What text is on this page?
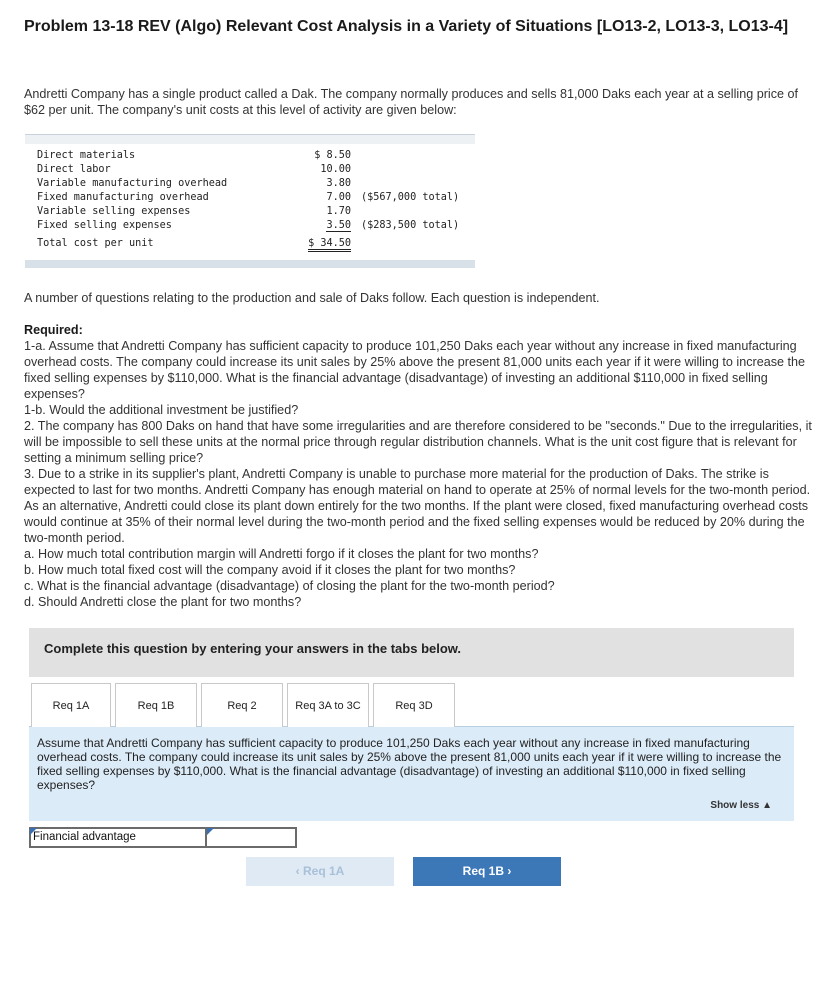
Problem 13-18 REV (Algo) Relevant Cost Analysis in a Variety of Situations [LO13-2, LO13-3, LO13-4]
Andretti Company has a single product called a Dak. The company normally produces and sells 81,000 Daks each year at a selling price of $62 per unit. The company's unit costs at this level of activity are given below:
Direct materials	$ 8.50
Direct labor	10.00
Variable manufacturing overhead	3.80
Fixed manufacturing overhead	7.00 ($567,000 total)
Variable selling expenses	1.70
Fixed selling expenses	3.50 ($283,500 total)
Total cost per unit	$ 34.50
A number of questions relating to the production and sale of Daks follow. Each question is independent.
Required:
1-a. Assume that Andretti Company has sufficient capacity to produce 101,250 Daks each year without any increase in fixed manufacturing overhead costs. The company could increase its unit sales by 25% above the present 81,000 units each year if it were willing to increase the fixed selling expenses by $110,000. What is the financial advantage (disadvantage) of investing an additional $110,000 in fixed selling expenses?
1-b. Would the additional investment be justified?
2. The company has 800 Daks on hand that have some irregularities and are therefore considered to be "seconds." Due to the irregularities, it will be impossible to sell these units at the normal price through regular distribution channels. What is the unit cost figure that is relevant for setting a minimum selling price?
3. Due to a strike in its supplier's plant, Andretti Company is unable to purchase more material for the production of Daks. The strike is expected to last for two months. Andretti Company has enough material on hand to operate at 25% of normal levels for the two-month period. As an alternative, Andretti could close its plant down entirely for the two months. If the plant were closed, fixed manufacturing overhead costs would continue at 35% of their normal level during the two-month period and the fixed selling expenses would be reduced by 20% during the two-month period.
a. How much total contribution margin will Andretti forgo if it closes the plant for two months?
b. How much total fixed cost will the company avoid if it closes the plant for two months?
c. What is the financial advantage (disadvantage) of closing the plant for the two-month period?
d. Should Andretti close the plant for two months?
Complete this question by entering your answers in the tabs below.
Req 1A	Req 1B	Req 2	Req 3A to 3C	Req 3D
Assume that Andretti Company has sufficient capacity to produce 101,250 Daks each year without any increase in fixed manufacturing overhead costs. The company could increase its unit sales by 25% above the present 81,000 units each year if it were willing to increase the fixed selling expenses by $110,000. What is the financial advantage (disadvantage) of investing an additional $110,000 in fixed selling expenses?
Show less ▲
Financial advantage
‹ Req 1A	Req 1B ›
